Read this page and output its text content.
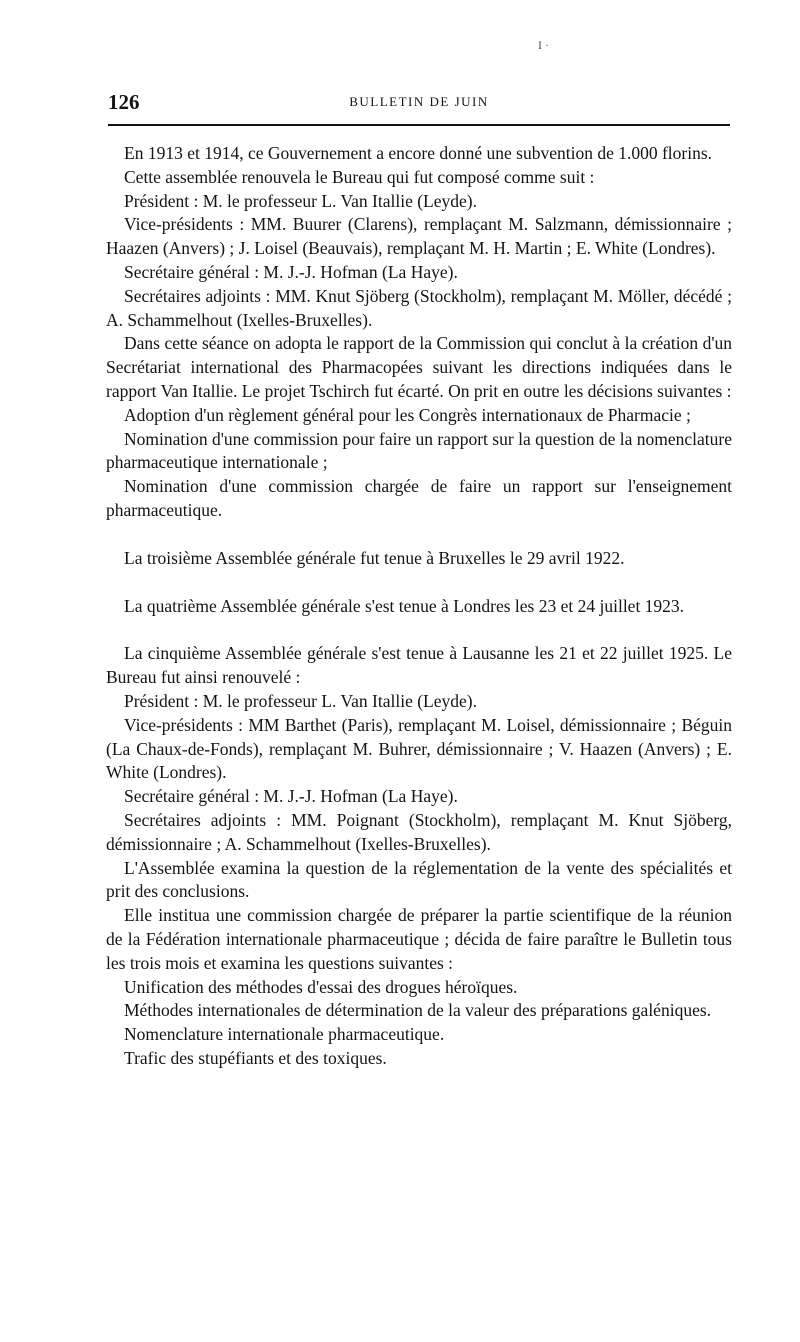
I ·
126	BULLETIN DE JUIN

En 1913 et 1914, ce Gouvernement a encore donné une subvention de 1.000 florins.

Cette assemblée renouvela le Bureau qui fut composé comme suit :

Président : M. le professeur L. Van Itallie (Leyde).

Vice-présidents : MM. Buurer (Clarens), remplaçant M. Salzmann, démissionnaire ; Haazen (Anvers) ; J. Loisel (Beauvais), remplaçant M. H. Martin ; E. White (Londres).

Secrétaire général : M. J.-J. Hofman (La Haye).

Secrétaires adjoints : MM. Knut Sjöberg (Stockholm), remplaçant M. Möller, décédé ; A. Schammelhout (Ixelles-Bruxelles).

Dans cette séance on adopta le rapport de la Commission qui conclut à la création d'un Secrétariat international des Pharmacopées suivant les directions indiquées dans le rapport Van Itallie. Le projet Tschirch fut écarté. On prit en outre les décisions suivantes :

Adoption d'un règlement général pour les Congrès internationaux de Pharmacie ;

Nomination d'une commission pour faire un rapport sur la question de la nomenclature pharmaceutique internationale ;

Nomination d'une commission chargée de faire un rapport sur l'enseignement pharmaceutique.

La troisième Assemblée générale fut tenue à Bruxelles le 29 avril 1922.

La quatrième Assemblée générale s'est tenue à Londres les 23 et 24 juillet 1923.

La cinquième Assemblée générale s'est tenue à Lausanne les 21 et 22 juillet 1925. Le Bureau fut ainsi renouvelé :

Président : M. le professeur L. Van Itallie (Leyde).

Vice-présidents : MM Barthet (Paris), remplaçant M. Loisel, démissionnaire ; Béguin (La Chaux-de-Fonds), remplaçant M. Buhrer, démissionnaire ; V. Haazen (Anvers) ; E. White (Londres).

Secrétaire général : M. J.-J. Hofman (La Haye).

Secrétaires adjoints : MM. Poignant (Stockholm), remplaçant M. Knut Sjöberg, démissionnaire ; A. Schammelhout (Ixelles-Bruxelles).

L'Assemblée examina la question de la réglementation de la vente des spécialités et prit des conclusions.

Elle institua une commission chargée de préparer la partie scientifique de la réunion de la Fédération internationale pharmaceutique ; décida de faire paraître le Bulletin tous les trois mois et examina les questions suivantes :

Unification des méthodes d'essai des drogues héroïques.

Méthodes internationales de détermination de la valeur des préparations galéniques.

Nomenclature internationale pharmaceutique.

Trafic des stupéfiants et des toxiques.
